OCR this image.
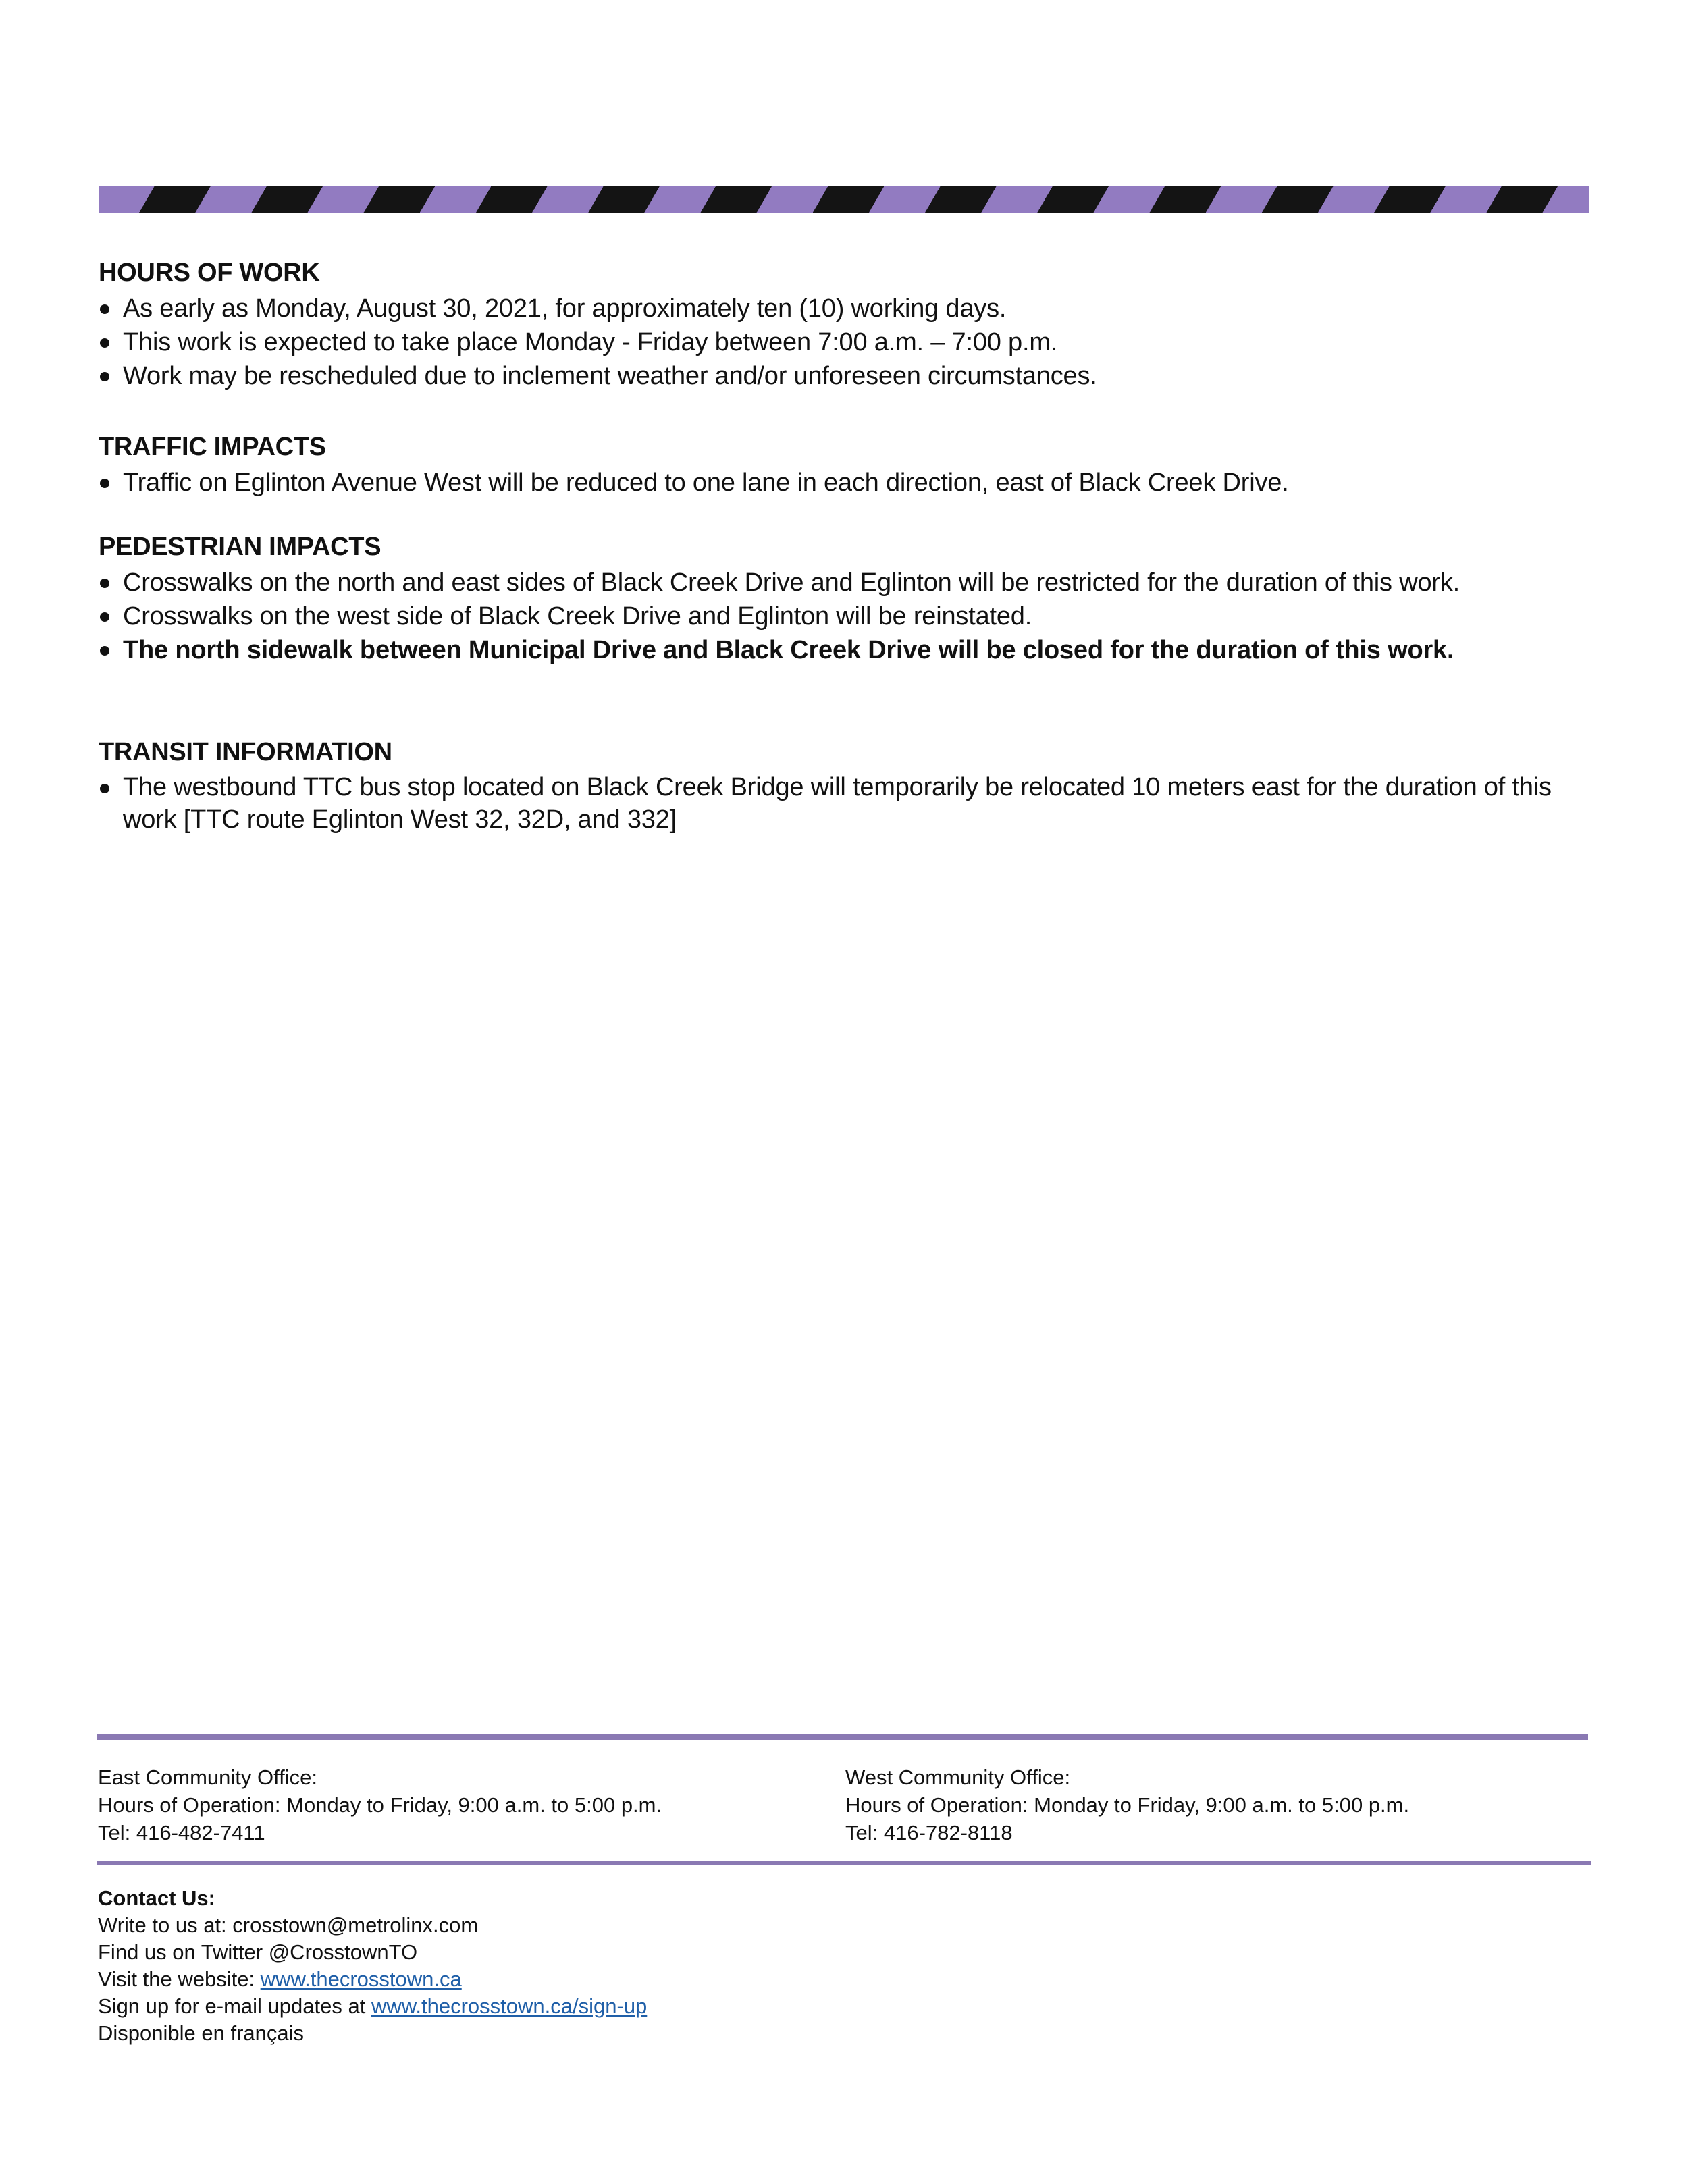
HOURS OF WORK
As early as Monday, August 30, 2021, for approximately ten (10) working days.
This work is expected to take place Monday - Friday between 7:00 a.m. – 7:00 p.m.
Work may be rescheduled due to inclement weather and/or unforeseen circumstances.
TRAFFIC IMPACTS
Traffic on Eglinton Avenue West will be reduced to one lane in each direction, east of Black Creek Drive.
PEDESTRIAN IMPACTS
Crosswalks on the north and east sides of Black Creek Drive and Eglinton will be restricted for the duration of this work.
Crosswalks on the west side of Black Creek Drive and Eglinton will be reinstated.
The north sidewalk between Municipal Drive and Black Creek Drive will be closed for the duration of this work.
TRANSIT INFORMATION
The westbound TTC bus stop located on Black Creek Bridge will temporarily be relocated 10 meters east for the duration of this work [TTC route Eglinton West 32, 32D, and 332]
East Community Office:
Hours of Operation: Monday to Friday, 9:00 a.m. to 5:00 p.m.
Tel: 416-482-7411
West Community Office:
Hours of Operation: Monday to Friday, 9:00 a.m. to 5:00 p.m.
Tel: 416-782-8118
Contact Us:
Write to us at: crosstown@metrolinx.com
Find us on Twitter @CrosstownTO
Visit the website: www.thecrosstown.ca
Sign up for e-mail updates at www.thecrosstown.ca/sign-up
Disponible en français
